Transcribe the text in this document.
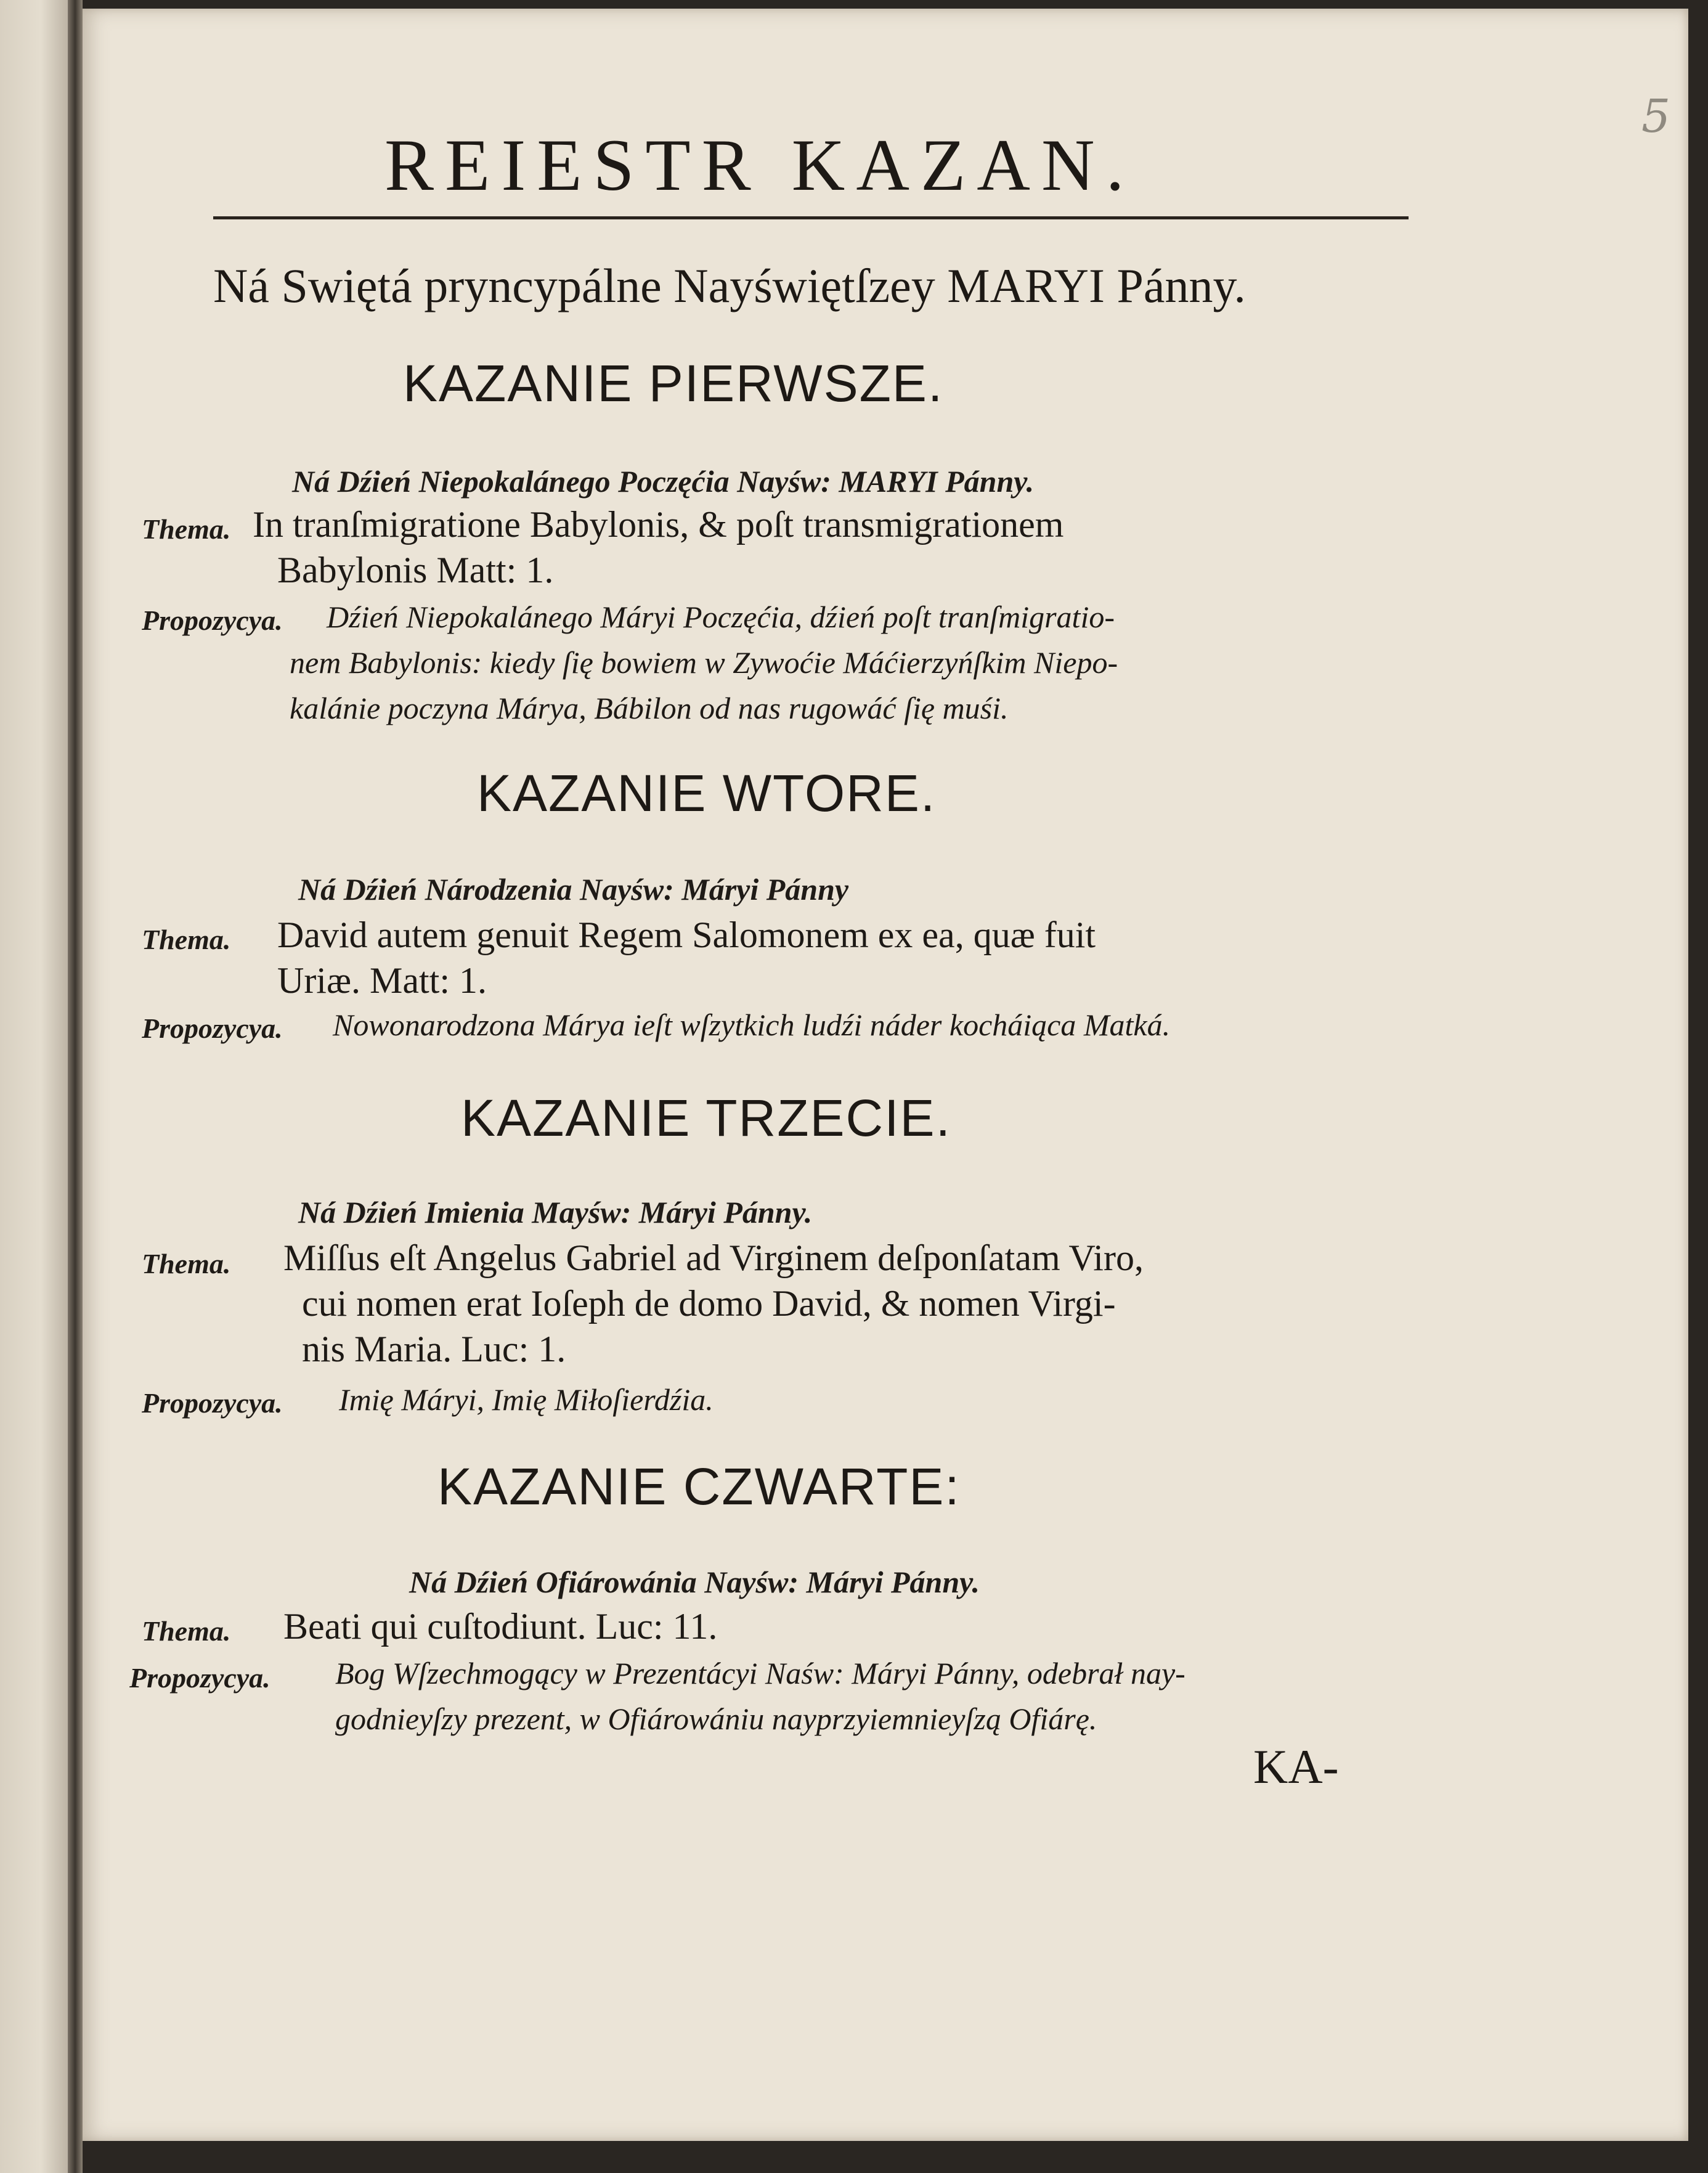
5
REIESTR KAZAN.
Ná Swiętá pryncypálne Nayświętſzey MARYI Pánny.
KAZANIE PIERWSZE.
Ná Dźień Niepokalánego Poczęćia Nayśw: MARYI Pánny.
Thema. In tranſmigratione Babylonis, & poſt transmigrationem
Babylonis Matt: 1.
Propozycya. Dźień Niepokalánego Máryi Poczęćia, dźień poſt tranſmigratio-
nem Babylonis: kiedy ſię bowiem w Zywoćie Máćierzyńſkim Niepo-
kalánie poczyna Márya, Bábilon od nas rugowáć ſię muśi.
KAZANIE WTORE.
Ná Dźień Národzenia Nayśw: Máryi Pánny
Thema. David autem genuit Regem Salomonem ex ea, quæ fuit
Uriæ. Matt: 1.
Propozycya. Nowonarodzona Márya ieſt wſzytkich ludźi náder kocháiąca Matká.
KAZANIE TRZECIE.
Ná Dźień Imienia Mayśw: Máryi Pánny.
Thema. Miſſus eſt Angelus Gabriel ad Virginem deſponſatam Viro,
cui nomen erat Ioſeph de domo David, & nomen Virgi-
nis Maria. Luc: 1.
Propozycya. Imię Máryi, Imię Miłoſierdźia.
KAZANIE CZWARTE:
Ná Dźień Ofiárowánia Nayśw: Máryi Pánny.
Thema. Beati qui cuſtodiunt. Luc: 11.
Propozycya. Bog Wſzechmogący w Prezentácyi Naśw: Máryi Pánny, odebrał nay-
godnieyſzy prezent, w Ofiárowániu nayprzyiemnieyſzą Ofiárę.
KA-
